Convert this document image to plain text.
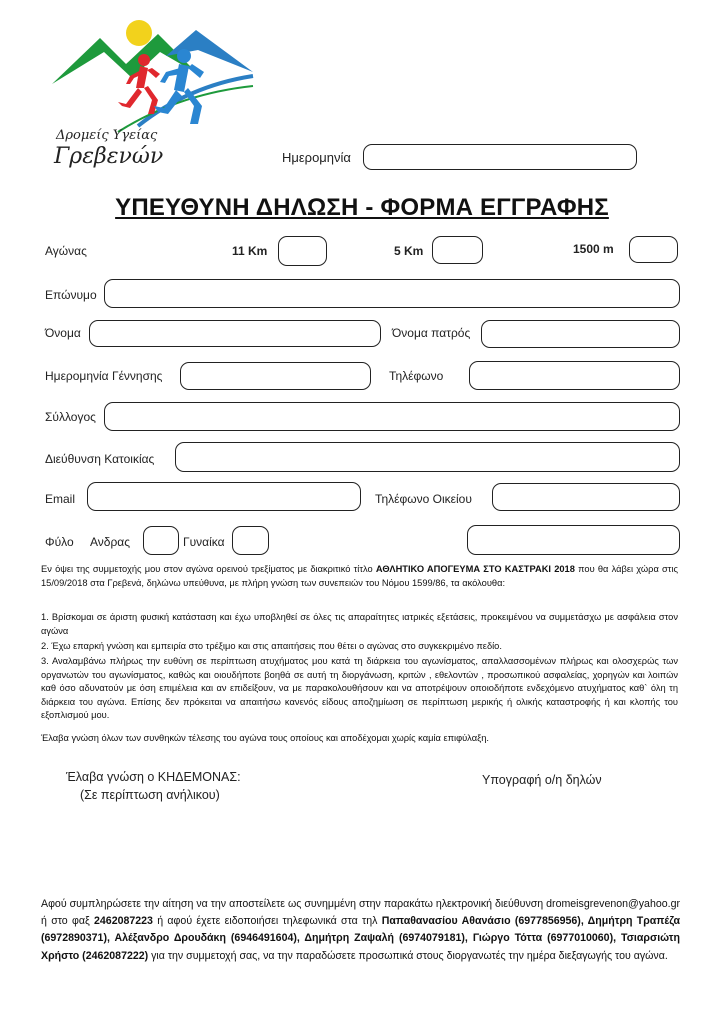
Δρομείς Υγείας
Γρεβενών	Ημερομηνία
ΥΠΕΥΘΥΝΗ ΔΗΛΩΣΗ - ΦΟΡΜΑ ΕΓΓΡΑΦΗΣ
Αγώνας	11 Km	5 Km	1500 m
Επώνυμο
Όνομα	Όνομα πατρός
Ημερομηνία Γέννησης	Τηλέφωνο
Σύλλογος
Διεύθυνση Κατοικίας
Email	Τηλέφωνο Οικείου
Φύλο Ανδρας	Γυναίκα
Εν όψει της συμμετοχής μου στον αγώνα ορεινού τρεξίματος με διακριτικό τίτλο ΑΘΛΗΤΙΚΟ ΑΠΟΓΕΥΜΑ ΣΤΟ ΚΑΣΤΡΑΚΙ 2018 που θα λάβει χώρα στις 15/09/2018 στα Γρεβενά, δηλώνω υπεύθυνα, με πλήρη γνώση των συνεπειών του Νόμου 1599/86, τα ακόλουθα:
1. Βρίσκομαι σε άριστη φυσική κατάσταση και έχω υποβληθεί σε όλες τις απαραίτητες ιατρικές εξετάσεις, προκειμένου να συμμετάσχω με ασφάλεια στον αγώνα
2. Έχω επαρκή γνώση και εμπειρία στο τρέξιμο και στις απαιτήσεις που θέτει ο αγώνας στο συγκεκριμένο πεδίο.
3. Αναλαμβάνω πλήρως την ευθύνη σε περίπτωση ατυχήματος μου κατά τη διάρκεια του αγωνίσματος, απαλλασσομένων πλήρως και ολοσχερώς των οργανωτών του αγωνίσματος, καθώς και οιουδήποτε βοηθά σε αυτή τη διοργάνωση, κριτών , εθελοντών , προσωπικού ασφαλείας, χορηγών και λοιπών καθ όσο αδυνατούν με όση επιμέλεια και αν επιδείξουν, να με παρακολουθήσουν και να αποτρέψουν οποιοδήποτε ενδεχόμενο ατυχήματος καθ` όλη τη διάρκεια του αγώνα. Επίσης δεν πρόκειται να απαιτήσω κανενός είδους αποζημίωση σε περίπτωση μερικής ή ολικής καταστροφής ή και κλοπής του εξοπλισμού μου.
Έλαβα γνώση όλων των συνθηκών τέλεσης του αγώνα τους οποίους και αποδέχομαι χωρίς καμία επιφύλαξη.
Έλαβα γνώση ο ΚΗΔΕΜΟΝΑΣ:
(Σε περίπτωση ανήλικου)
Υπογραφή ο/η δηλών
Αφού συμπληρώσετε την αίτηση να την αποστείλετε ως συνημμένη στην παρακάτω ηλεκτρονική διεύθυνση dromeisgrevenon@yahoo.gr ή στο φαξ 2462087223 ή αφού έχετε ειδοποιήσει τηλεφωνικά στα τηλ Παπαθανασίου Αθανάσιο (6977856956), Δημήτρη Τραπέζα (6972890371), Αλέξανδρο Δρουδάκη (6946491604), Δημήτρη Ζαψαλή (6974079181), Γιώργο Τόττα (6977010060), Τσιαρσιώτη Χρήστο (2462087222) για την συμμετοχή σας, να την παραδώσετε προσωπικά στους διοργανωτές την ημέρα διεξαγωγής του αγώνα.
